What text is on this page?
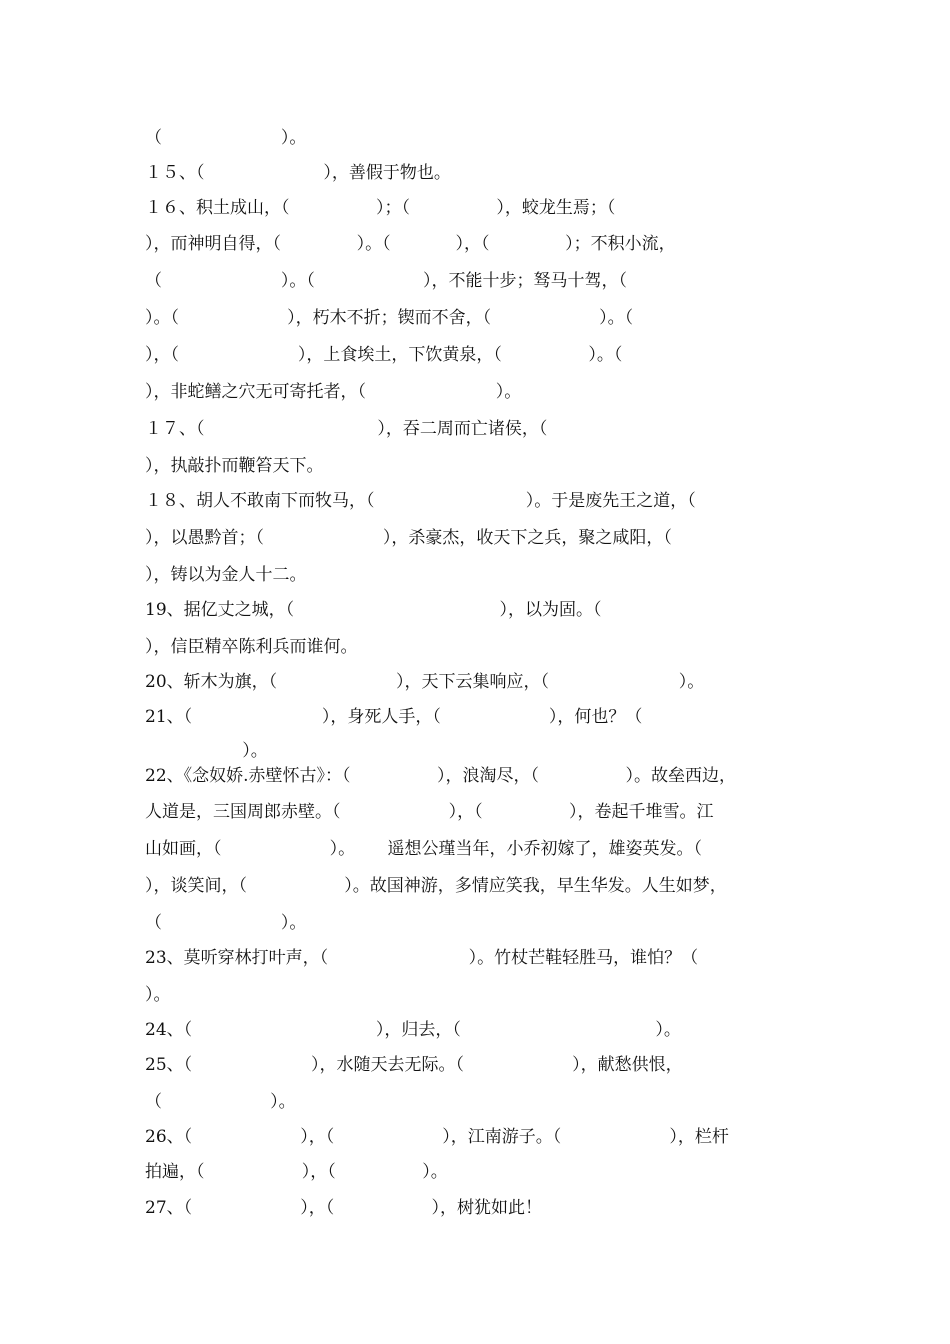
（                      ）。
１５、（                      ），善假于物也。
１６、积土成山，（                ）；（                ），蛟龙生焉；（
），而神明自得，（              ）。（            ），（              ）；不积小流，
（                      ）。（                    ），不能十步；驽马十驾，（
）。（                    ），朽木不折；锲而不舍，（                    ）。（
），（                      ），上食埃土，下饮黄泉，（                ）。（
），非蛇鳝之穴无可寄托者，（                        ）。
１７、（                                ），吞二周而亡诸侯，（
），执敲扑而鞭笞天下。
１８、胡人不敢南下而牧马，（                            ）。于是废先王之道，（
），以愚黔首；（                      ），杀豪杰，收天下之兵，聚之咸阳，（
），铸以为金人十二。
19、据亿丈之城，（                                      ），以为固。（
），信臣精卒陈利兵而谁何。
20、斩木为旗，（                      ），天下云集响应，（                        ）。
21、（                        ），身死人手，（                    ），何也？（
）。
22、《念奴娇.赤壁怀古》：（                ），浪淘尽，（                ）。故垒西边，
人道是，三国周郎赤壁。（                    ），（                ），卷起千堆雪。江
山如画，（                    ）。      遥想公瑾当年，小乔初嫁了，雄姿英发。（
），谈笑间，（                  ）。故国神游，多情应笑我，早生华发。人生如梦，
（                      ）。
23、莫听穿林打叶声，（                          ）。竹杖芒鞋轻胜马，谁怕？（
）。
24、（                                  ），归去，（                                    ）。
25、（                      ），水随天去无际。（                    ），献愁供恨，
（                    ）。
26、（                    ），（                    ），江南游子。（                    ），栏杆
拍遍，（                  ），（                ）。
27、（                    ），（                  ），树犹如此！
